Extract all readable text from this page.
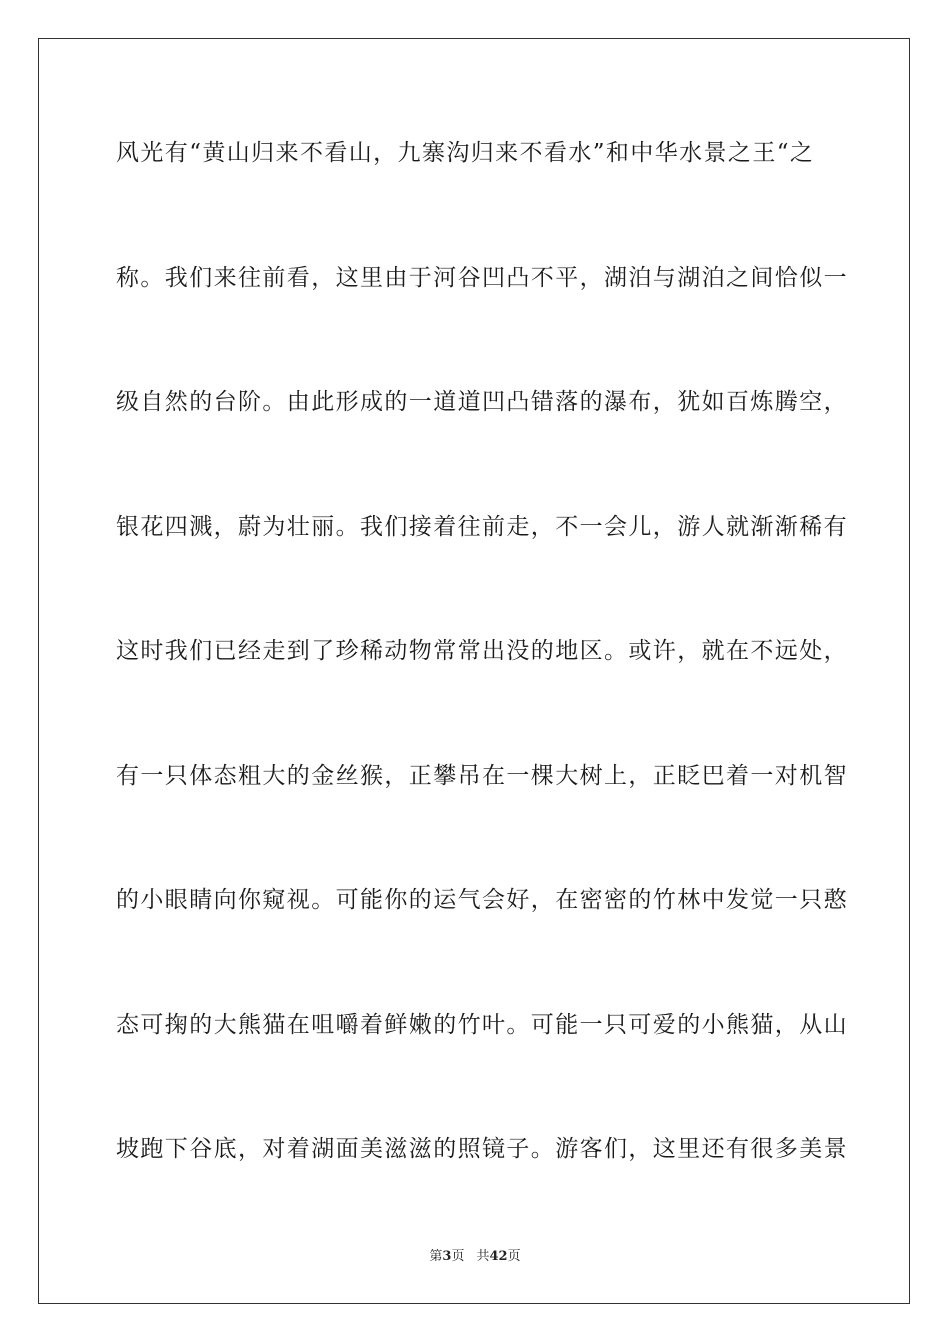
风光有“黄山归来不看山，九寨沟归来不看水”和中华水景之王“之
称。我们来往前看，这里由于河谷凹凸不平，湖泊与湖泊之间恰似一
级自然的台阶。由此形成的一道道凹凸错落的瀑布，犹如百炼腾空，
银花四溅，蔚为壮丽。我们接着往前走，不一会儿，游人就渐渐稀有
这时我们已经走到了珍稀动物常常出没的地区。或许，就在不远处，
有一只体态粗大的金丝猴，正攀吊在一棵大树上，正眨巴着一对机智
的小眼睛向你窥视。可能你的运气会好，在密密的竹林中发觉一只憨
态可掬的大熊猫在咀嚼着鲜嫩的竹叶。可能一只可爱的小熊猫，从山
坡跑下谷底，对着湖面美滋滋的照镜子。游客们，这里还有很多美景
第3页 共42页
